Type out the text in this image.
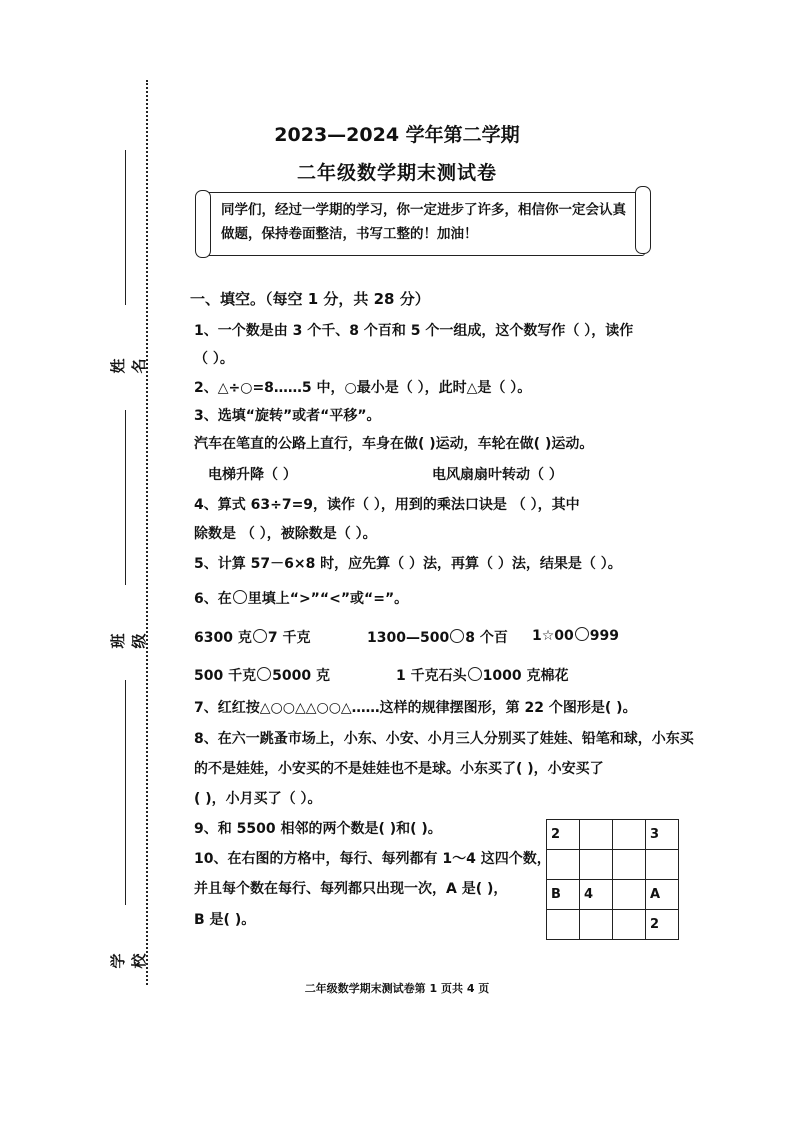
姓 名
班 级
学 校
2023—2024 学年第二学期
二年级数学期末测试卷
同学们，经过一学期的学习，你一定进步了许多，相信你一定会认真做题，保持卷面整洁，书写工整的！加油！
一、填空。（每空 1 分，共 28 分）
1、一个数是由 3 个千、8 个百和 5 个一组成，这个数写作（ ），读作
（ ）。
2、△÷○=8……5 中，○最小是（ ），此时△是（ ）。
3、选填“旋转”或者“平移”。
汽车在笔直的公路上直行，车身在做( )运动，车轮在做( )运动。
电梯升降（ ）	电风扇扇叶转动（ ）
4、算式 63÷7=9，读作（ ），用到的乘法口诀是 （ ），其中
除数是 （ ），被除数是（ ）。
5、计算 57－6×8 时，应先算（ ）法，再算（ ）法，结果是（ ）。
6、在 里填上“>”“<”或“=”。
6300 克 7 千克	1300—500 8 个百 1☆00 999
500 千克 5000 克	1 千克石头 1000 克棉花
7、红红按△○○△△○○△……这样的规律摆图形，第 22 个图形是( )。
8、在六一跳蚤市场上，小东、小安、小月三人分别买了娃娃、铅笔和球，小东买
的不是娃娃，小安买的不是娃娃也不是球。小东买了( )，小安买了
( )，小月买了（ ）。
9、和 5500 相邻的两个数是( )和( )。
10、在右图的方格中，每行、每列都有 1～4 这四个数，
并且每个数在每行、每列都只出现一次，A 是( )，
B 是( )。
2			3

B	4		A
			2
二年级数学期末测试卷第 1 页共 4 页
